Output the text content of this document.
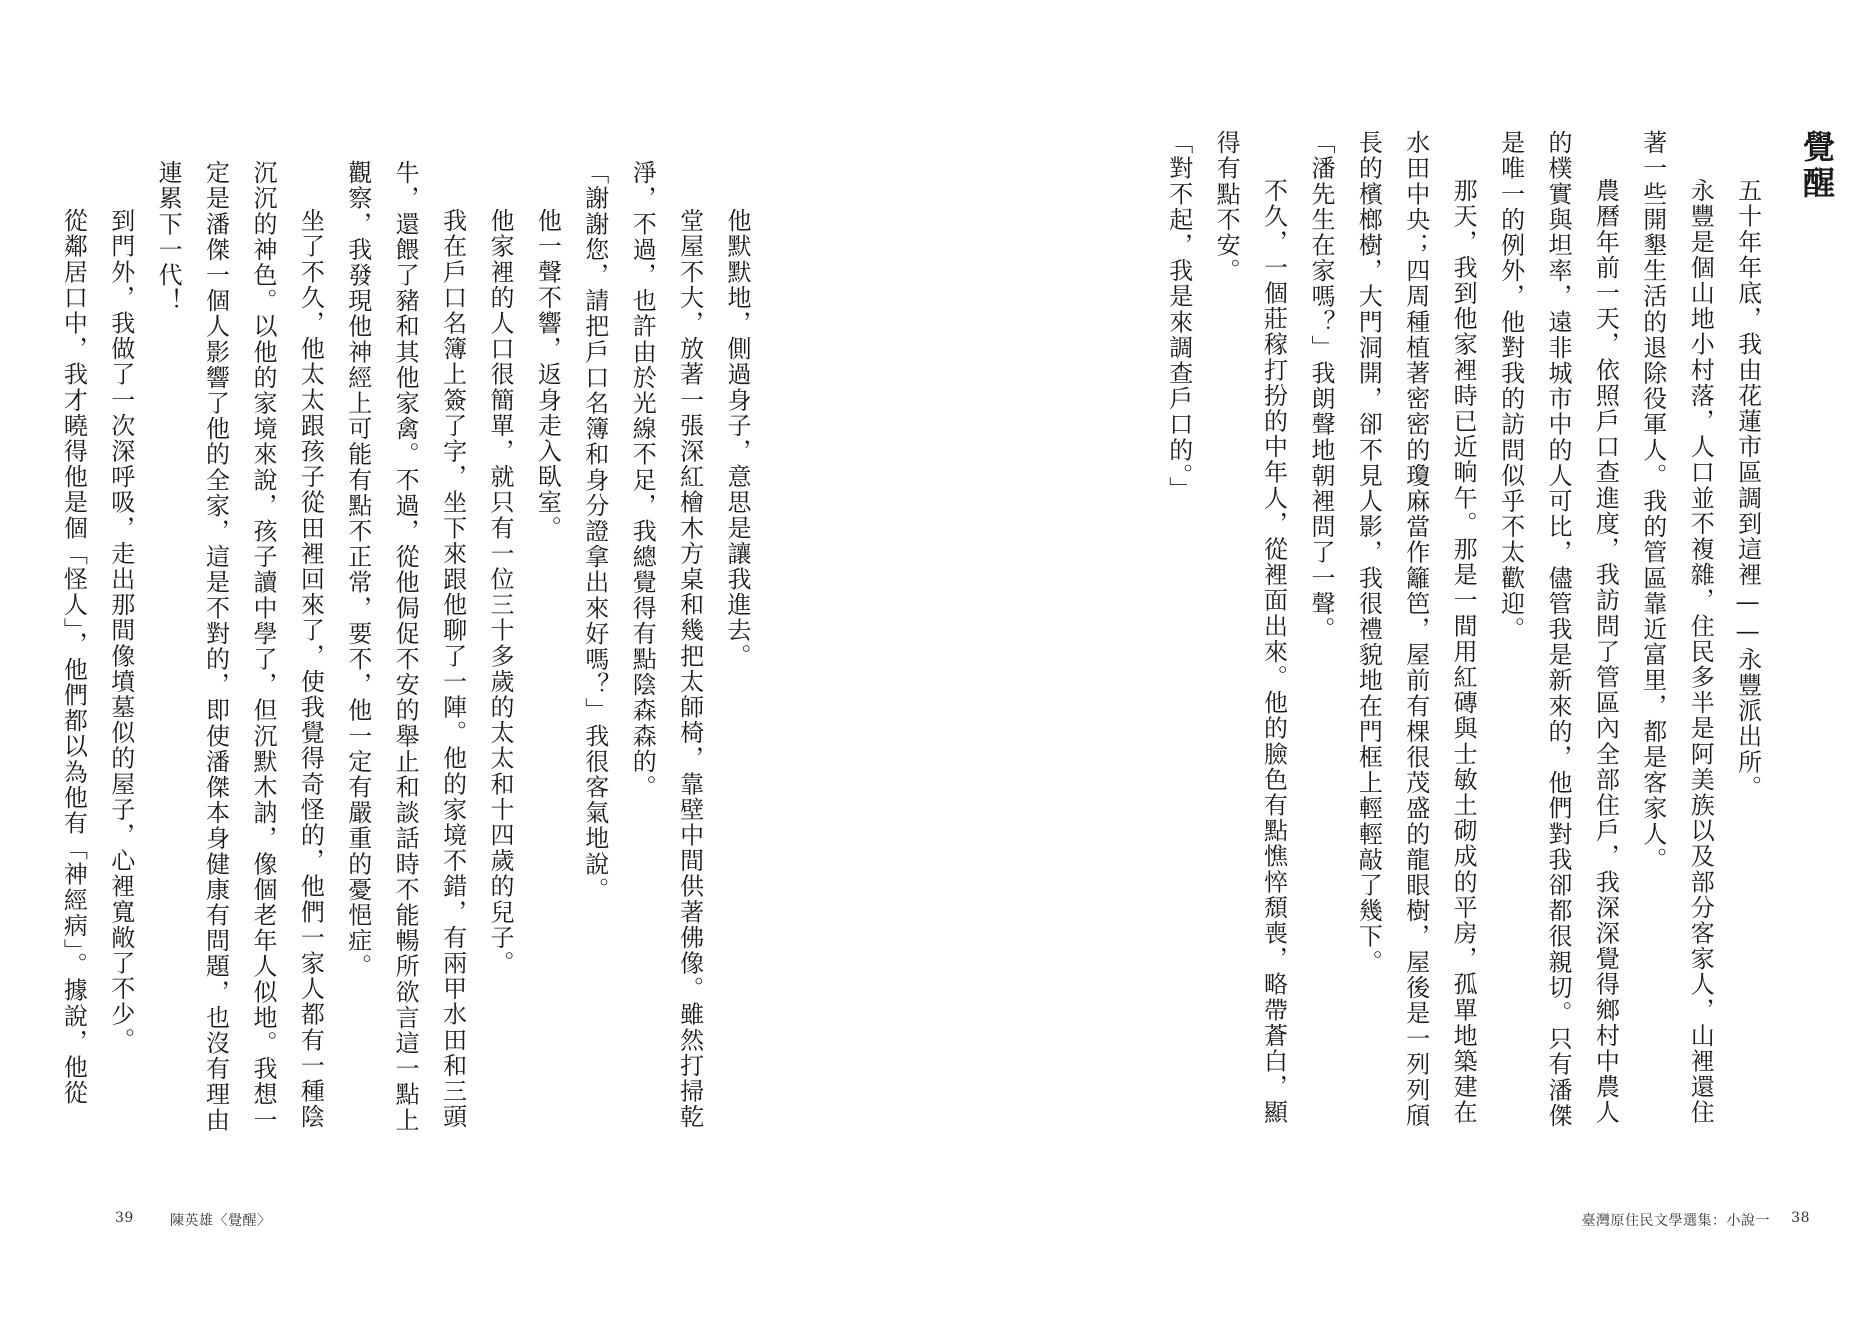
覺醒

五十年年底，我由花蓮市區調到這裡——永豐派出所。

永豐是個山地小村落，人口並不複雜，住民多半是阿美族以及部分客家人，山裡還住著一些開墾生活的退除役軍人。我的管區靠近富里，都是客家人。

農曆年前一天，依照戶口查進度，我訪問了管區內全部住戶，我深深覺得鄉村中農人的樸實與坦率，遠非城市中的人可比，儘管我是新來的，他們對我卻都很親切。只有潘傑是唯一的例外，他對我的訪問似乎不太歡迎。

那天，我到他家裡時已近晌午。那是一間用紅磚與士敏土砌成的平房，孤單地築建在水田中央；四周種植著密密的瓊麻當作籬笆，屋前有棵很茂盛的龍眼樹，屋後是一列列頎長的檳榔樹，大門洞開，卻不見人影，我很禮貌地在門框上輕輕敲了幾下。

「潘先生在家嗎？」我朗聲地朝裡問了一聲。

不久，一個莊稼打扮的中年人，從裡面出來。他的臉色有點憔悴頹喪，略帶蒼白，顯得有點不安。

「對不起，我是來調查戶口的。」

臺灣原住民文學選集：小說一 38

他默默地，側過身子，意思是讓我進去。

堂屋不大，放著一張深紅檜木方桌和幾把太師椅，靠壁中間供著佛像。雖然打掃乾淨，不過，也許由於光線不足，我總覺得有點陰森森的。

「謝謝您，請把戶口名簿和身分證拿出來好嗎？」我很客氣地說。

他一聲不響，返身走入臥室。

他家裡的人口很簡單，就只有一位三十多歲的太太和十四歲的兒子。

我在戶口名簿上簽了字，坐下來跟他聊了一陣。他的家境不錯，有兩甲水田和三頭牛，還餵了豬和其他家禽。不過，從他侷促不安的舉止和談話時不能暢所欲言這一點上觀察，我發現他神經上可能有點不正常，要不，他一定有嚴重的憂悒症。

坐了不久，他太太跟孩子從田裡回來了，使我覺得奇怪的，他們一家人都有一種陰沉沉的神色。以他的家境來說，孩子讀中學了，但沉默木訥，像個老年人似地。我想一定是潘傑一個人影響了他的全家，這是不對的，即使潘傑本身健康有問題，也沒有理由連累下一代！

到門外，我做了一次深呼吸，走出那間像墳墓似的屋子，心裡寬敞了不少。

從鄰居口中，我才曉得他是個「怪人」，他們都以為他有「神經病」。據說，他從

39	陳英雄〈覺醒〉
